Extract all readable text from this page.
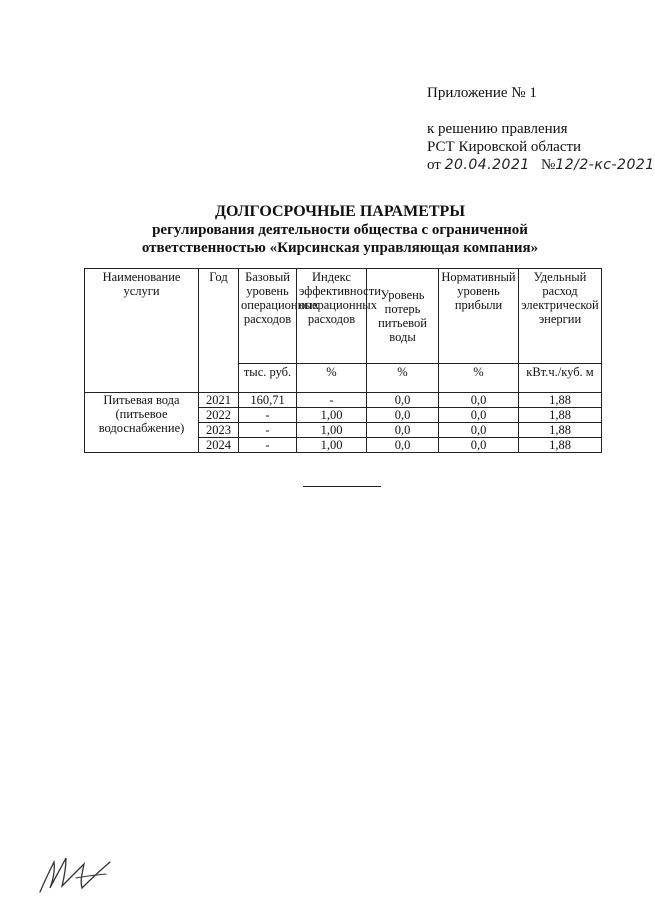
Приложение № 1
к решению правления
РСТ Кировской области
от 20.04.2021 №12/2-кс-2021
ДОЛГОСРОЧНЫЕ ПАРАМЕТРЫ
регулирования деятельности общества с ограниченной
ответственностью «Кирсинская управляющая компания»
Наименование услуги	Год	Базовый уровень операционных расходов	Индекс эффективности операционных расходов	Уровень потерь питьевой воды	Нормативный уровень прибыли	Удельный расход электрической энергии
		тыс. руб.	%	%	%	кВт.ч./куб. м

Питьевая вода
(питьевое
водоснабжение)	2021	160,71	-	0,0	0,0	1,88
	2022	-	1,00	0,0	0,0	1,88
	2023	-	1,00	0,0	0,0	1,88
	2024	-	1,00	0,0	0,0	1,88
